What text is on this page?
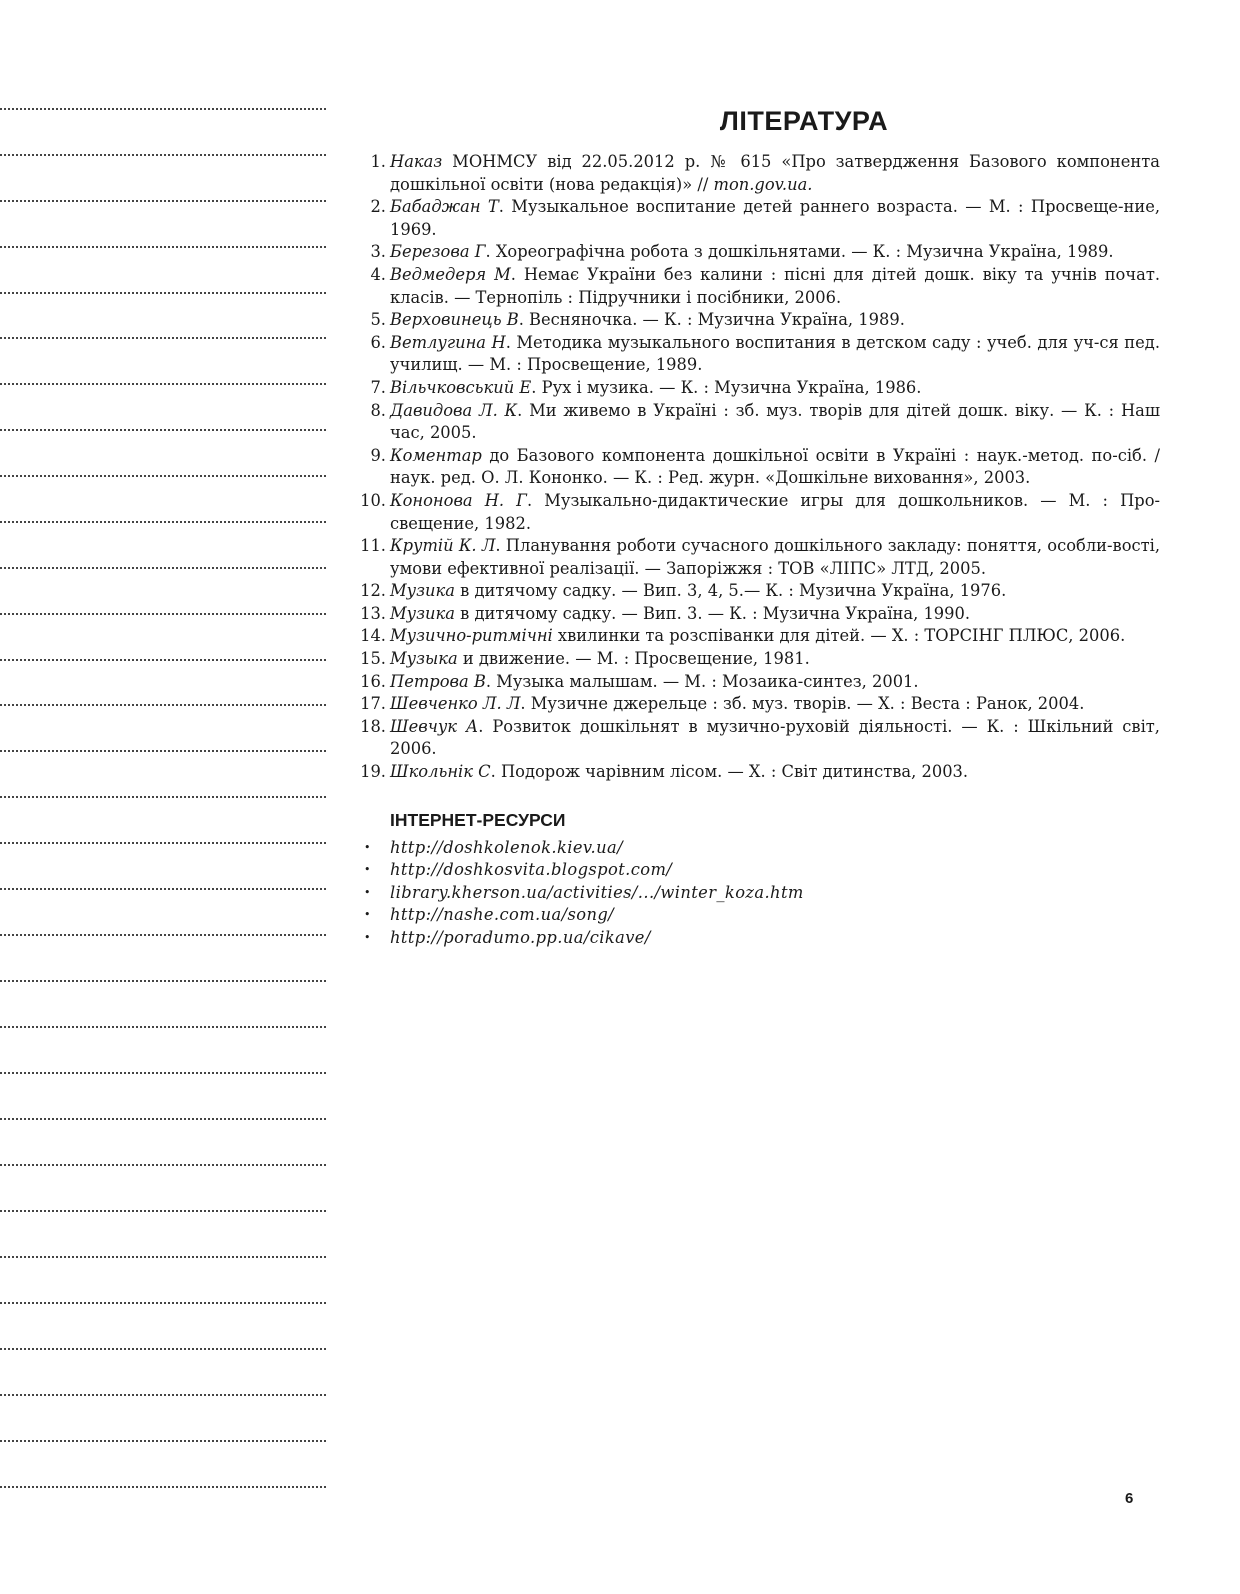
ЛІТЕРАТУРА
1. Наказ МОНМСУ від 22.05.2012 р. № 615 «Про затвердження Базового компонента дошкільної освіти (нова редакція)» // mon.gov.ua.
2. Бабаджан Т. Музыкальное воспитание детей раннего возраста. — М. : Просвеще-ние, 1969.
3. Березова Г. Хореографічна робота з дошкільнятами. — К. : Музична Україна, 1989.
4. Ведмедеря М. Немає України без калини : пісні для дітей дошк. віку та учнів почат. класів. — Тернопіль : Підручники і посібники, 2006.
5. Верховинець В. Весняночка. — К. : Музична Україна, 1989.
6. Ветлугина Н. Методика музыкального воспитания в детском саду : учеб. для уч-ся пед. училищ. — М. : Просвещение, 1989.
7. Вільчковський Е. Рух і музика. — К. : Музична Україна, 1986.
8. Давидова Л. К. Ми живемо в Україні : зб. муз. творів для дітей дошк. віку. — К. : Наш час, 2005.
9. Коментар до Базового компонента дошкільної освіти в Україні : наук.-метод. по-сіб. / наук. ред. О. Л. Кононко. — К. : Ред. журн. «Дошкільне виховання», 2003.
10. Кононова Н. Г. Музыкально-дидактические игры для дошкольников. — М. : Про-свещение, 1982.
11. Крутій К. Л. Планування роботи сучасного дошкільного закладу: поняття, особли-вості, умови ефективної реалізації. — Запоріжжя : ТОВ «ЛІПС» ЛТД, 2005.
12. Музика в дитячому садку. — Вип. 3, 4, 5.— К. : Музична Україна, 1976.
13. Музика в дитячому садку. — Вип. 3. — К. : Музична Україна, 1990.
14. Музично-ритмічні хвилинки та розспіванки для дітей. — Х. : ТОРСІНГ ПЛЮС, 2006.
15. Музыка и движение. — М. : Просвещение, 1981.
16. Петрова В. Музыка малышам. — М. : Мозаика-синтез, 2001.
17. Шевченко Л. Л. Музичне джерельце : зб. муз. творів. — Х. : Веста : Ранок, 2004.
18. Шевчук А. Розвиток дошкільнят в музично-руховій діяльності. — К. : Шкільний світ, 2006.
19. Школьнік С. Подорож чарівним лісом. — Х. : Світ дитинства, 2003.
ІНТЕРНЕТ-РЕСУРСИ
• http://doshkolenok.kiev.ua/
• http://doshkosvita.blogspot.com/
• library.kherson.ua/activities/.../winter_koza.htm
• http://nashe.com.ua/song/
• http://poradumo.pp.ua/cikave/
6
